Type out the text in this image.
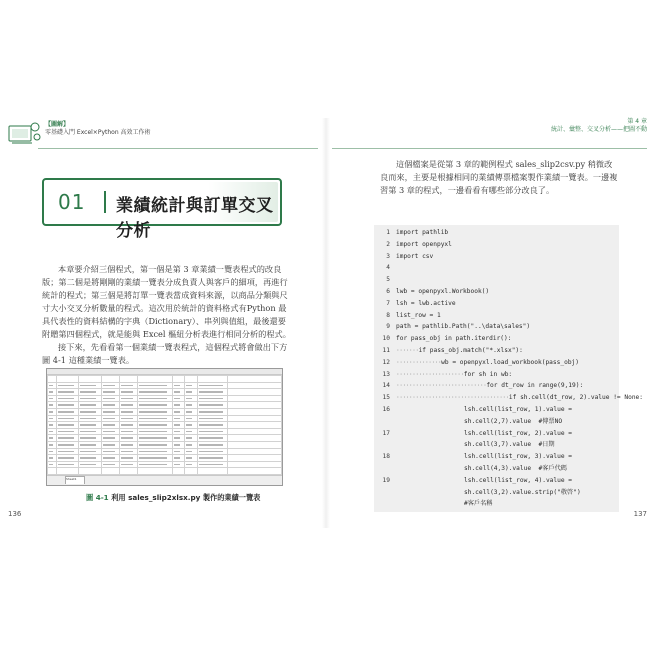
【圖解】
零基礎入門 Excel×Python 高效工作術
01 業績統計與訂單交叉分析

本章要介紹三個程式，第一個是第 3 章業績一覽表程式的改良版；第二個是將剛剛的業績一覽表分成負責人與客戶的細項，再進行統計的程式；第三個是將訂單一覽表當成資料來源，以商品分類與尺寸大小交叉分析數量的程式。這次用於統計的資料格式有Python 最具代表性的資料結構的字典（Dictionary）、串列與值組，最後還要附贈第四個程式，就是能與 Excel 樞紐分析表進行相同分析的程式。

接下來，先看看第一個業績一覽表程式，這個程式將會做出下方圖 4-1 這種業績一覽表。

Sheet1
圖 4-1 利用 sales_slip2xlsx.py 製作的業績一覽表
136
第 4 章
統計、彙整、交叉分析——把圖不動

這個檔案是從第 3 章的範例程式 sales_slip2csv.py 稍微改良而來，主要是根據相同的業績傳票檔案製作業績一覽表。一邊複習第 3 章的程式，一邊看看有哪些部分改良了。

1 import pathlib
2 import openpyxl
3 import csv
4
5
6 lwb = openpyxl.Workbook()
7 lsh = lwb.active
8 list_row = 1
9 path = pathlib.Path("..\data\sales")
10 for pass_obj in path.iterdir():
11 ·······if pass_obj.match("*.xlsx"):
12 ··············wb = openpyxl.load_workbook(pass_obj)
13 ·····················for sh in wb:
14 ····························for dt_row in range(9,19):
15 ···································if sh.cell(dt_row, 2).value != None:
16	lsh.cell(list_row, 1).value =
sh.cell(2,7).value  #傳票NO
17	lsh.cell(list_row, 2).value =
sh.cell(3,7).value  #日期
18	lsh.cell(list_row, 3).value =
sh.cell(4,3).value  #客戶代碼
19	lsh.cell(list_row, 4).value =
sh.cell(3,2).value.strip("敬啓")
#客戶名稱
137
